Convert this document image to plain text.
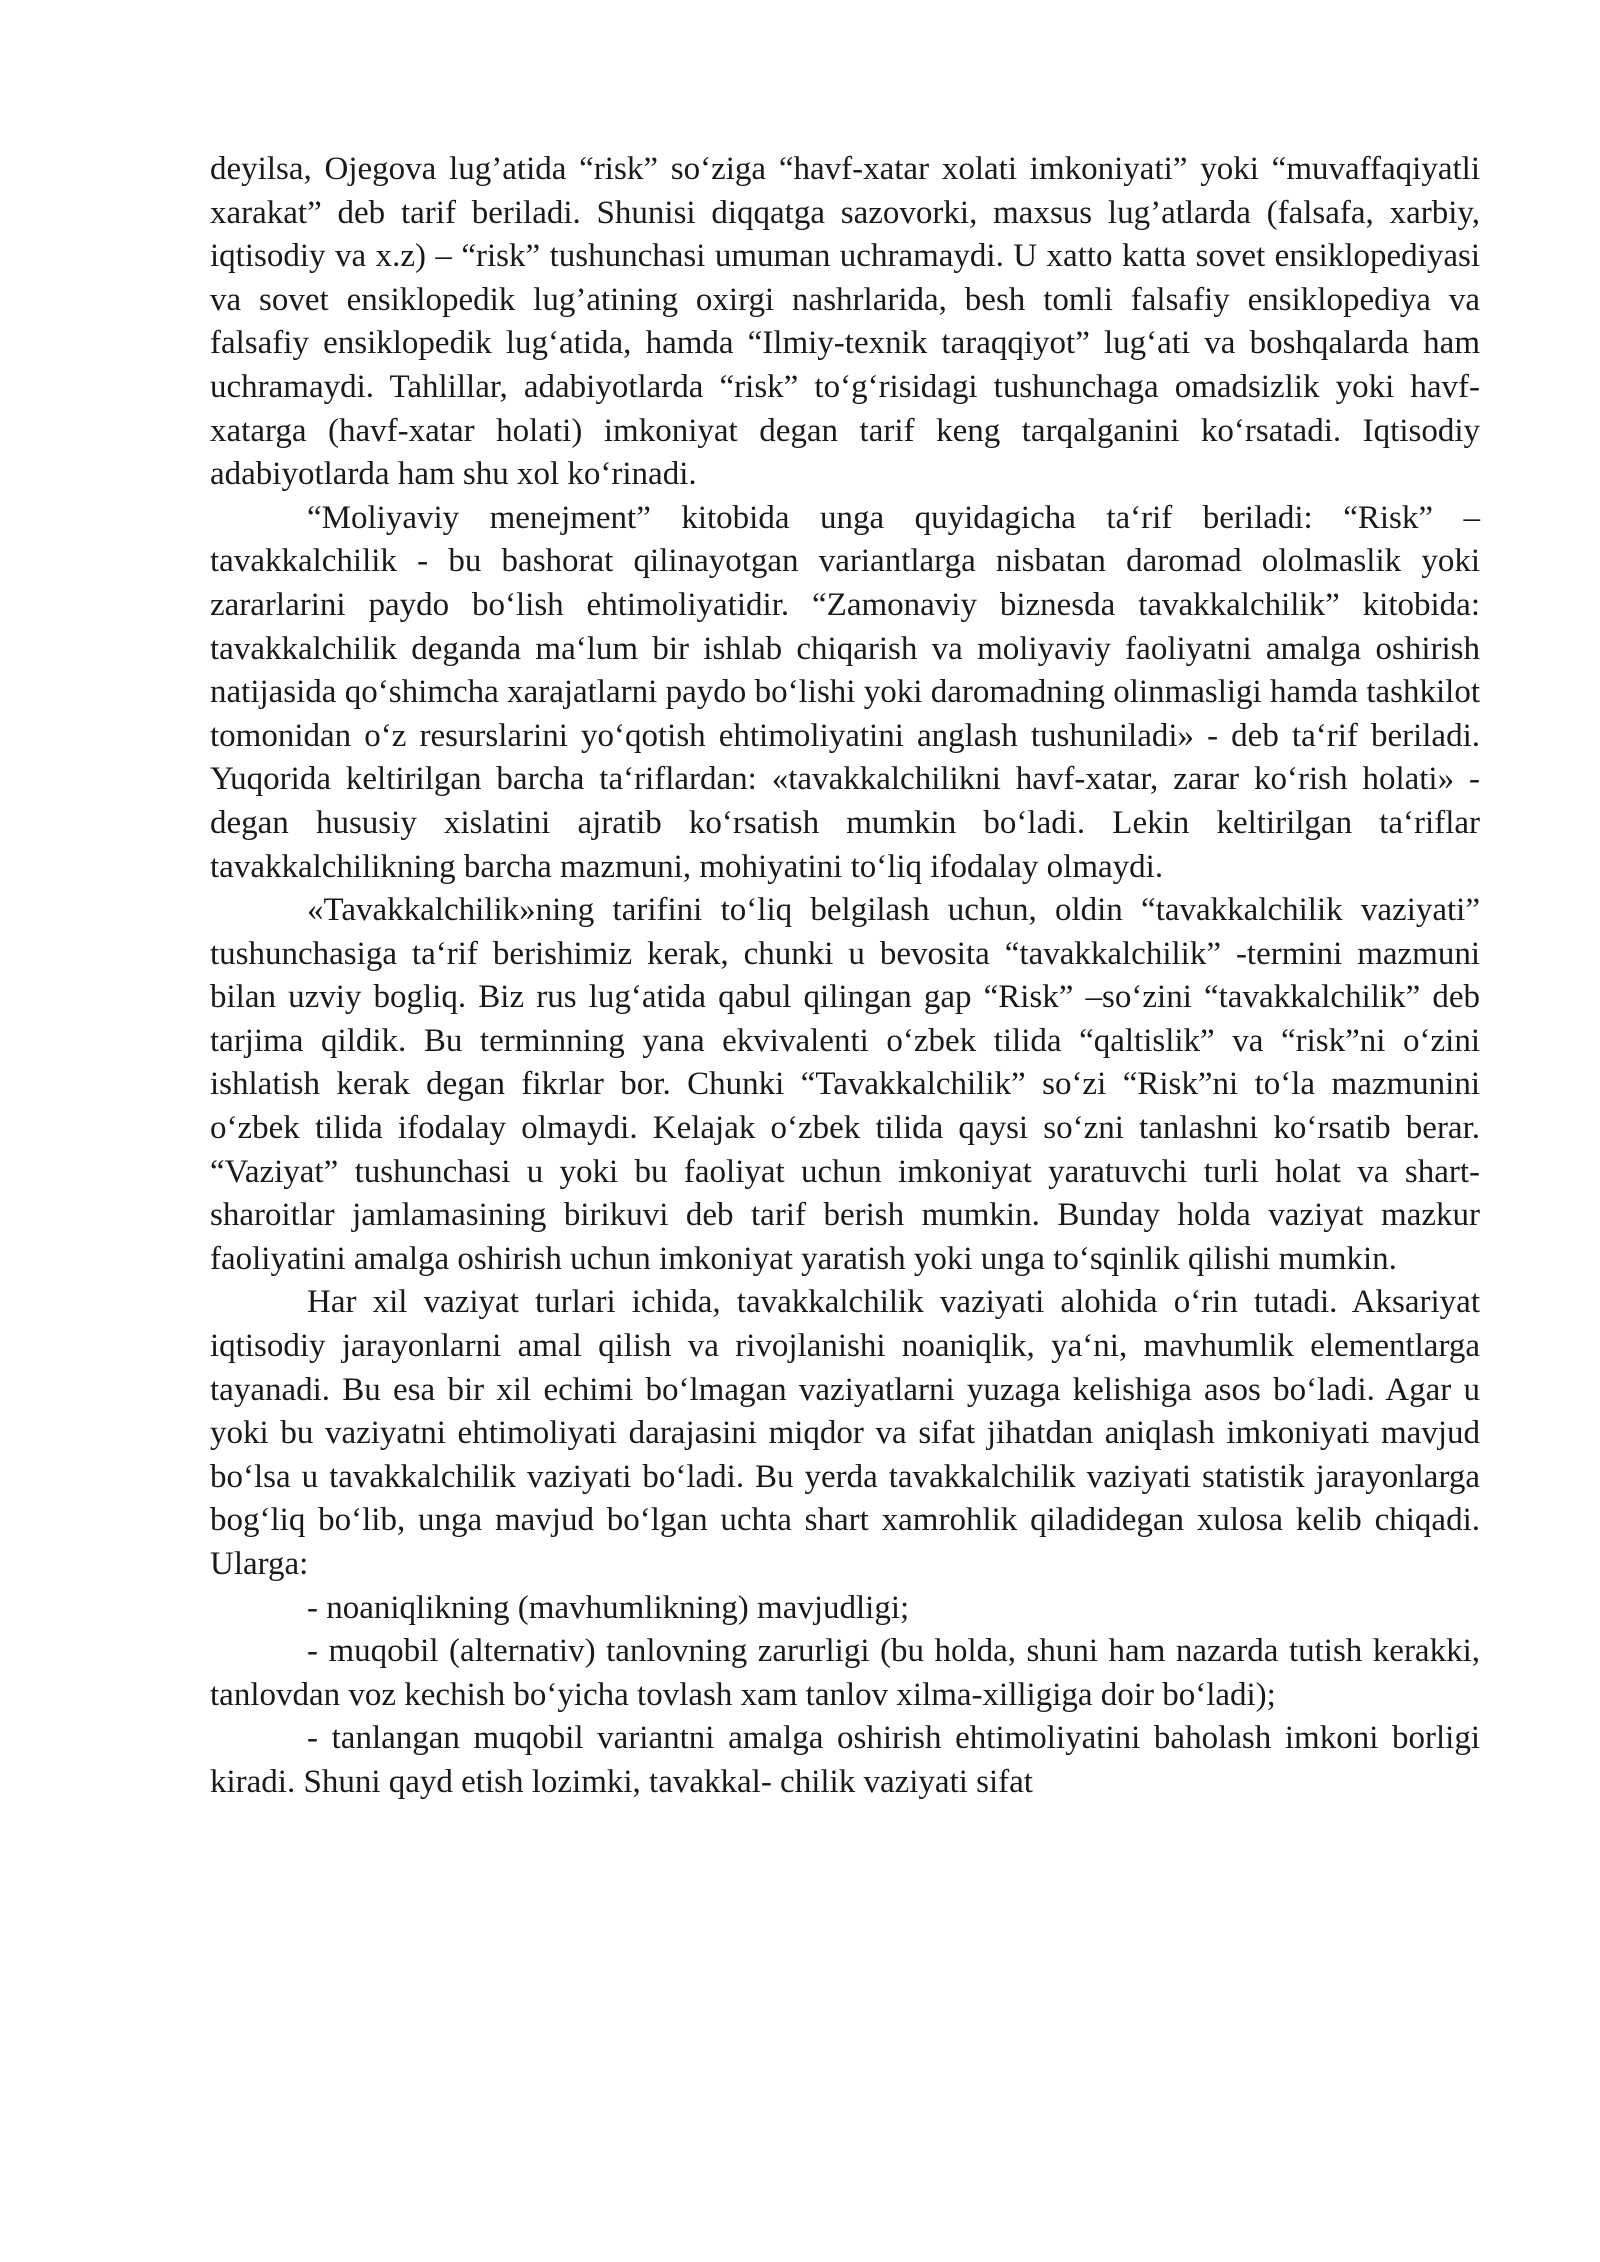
deyilsa, Ojegova lug’atida “risk” so‘ziga “havf-xatar xolati imkoniyati” yoki “muvaffaqiyatli xarakat” deb tarif beriladi. Shunisi diqqatga sazovorki, maxsus lug’atlarda (falsafa, xarbiy, iqtisodiy va x.z) – “risk” tushunchasi umuman uchramaydi. U xatto katta sovet ensiklopediyasi va sovet ensiklopedik lug’atining oxirgi nashrlarida, besh tomli falsafiy ensiklopediya va falsafiy ensiklopedik lug‘atida, hamda “Ilmiy-texnik taraqqiyot” lug‘ati va boshqalarda ham uchramaydi. Tahlillar, adabiyotlarda “risk” to‘g‘risidagi tushunchaga omadsizlik yoki havf-xatarga (havf-xatar holati) imkoniyat degan tarif keng tarqalganini ko‘rsatadi. Iqtisodiy adabiyotlarda ham shu xol ko‘rinadi.

“Moliyaviy menejment” kitobida unga quyidagicha ta‘rif beriladi: “Risk” – tavakkalchilik - bu bashorat qilinayotgan variantlarga nisbatan daromad ololmaslik yoki zararlarini paydo bo‘lish ehtimoliyatidir. “Zamonaviy biznesda tavakkalchilik” kitobida: tavakkalchilik deganda ma‘lum bir ishlab chiqarish va moliyaviy faoliyatni amalga oshirish natijasida qo‘shimcha xarajatlarni paydo bo‘lishi yoki daromadning olinmasligi hamda tashkilot tomonidan o‘z resurslarini yo‘qotish ehtimoliyatini anglash tushuniladi» - deb ta‘rif beriladi. Yuqorida keltirilgan barcha ta‘riflardan: «tavakkalchilikni havf-xatar, zarar ko‘rish holati» - degan hususiy xislatini ajratib ko‘rsatish mumkin bo‘ladi. Lekin keltirilgan ta‘riflar tavakkalchilikning barcha mazmuni, mohiyatini to‘liq ifodalay olmaydi.

«Tavakkalchilik»ning tarifini to‘liq belgilash uchun, oldin “tavakkalchilik vaziyati” tushunchasiga ta‘rif berishimiz kerak, chunki u bevosita “tavakkalchilik” -termini mazmuni bilan uzviy bogliq. Biz rus lug‘atida qabul qilingan gap “Risk” –so‘zini “tavakkalchilik” deb tarjima qildik. Bu terminning yana ekvivalenti o‘zbek tilida “qaltislik” va “risk”ni o‘zini ishlatish kerak degan fikrlar bor. Chunki “Tavakkalchilik” so‘zi “Risk”ni to‘la mazmunini o‘zbek tilida ifodalay olmaydi. Kelajak o‘zbek tilida qaysi so‘zni tanlashni ko‘rsatib berar. “Vaziyat” tushunchasi u yoki bu faoliyat uchun imkoniyat yaratuvchi turli holat va shart-sharoitlar jamlamasining birikuvi deb tarif berish mumkin. Bunday holda vaziyat mazkur faoliyatini amalga oshirish uchun imkoniyat yaratish yoki unga to‘sqinlik qilishi mumkin.

Har xil vaziyat turlari ichida, tavakkalchilik vaziyati alohida o‘rin tutadi. Aksariyat iqtisodiy jarayonlarni amal qilish va rivojlanishi noaniqlik, ya‘ni, mavhumlik elementlarga tayanadi. Bu esa bir xil echimi bo‘lmagan vaziyatlarni yuzaga kelishiga asos bo‘ladi. Agar u yoki bu vaziyatni ehtimoliyati darajasini miqdor va sifat jihatdan aniqlash imkoniyati mavjud bo‘lsa u tavakkalchilik vaziyati bo‘ladi. Bu yerda tavakkalchilik vaziyati statistik jarayonlarga bog‘liq bo‘lib, unga mavjud bo‘lgan uchta shart xamrohlik qiladidegan xulosa kelib chiqadi. Ularga:

- noaniqlikning (mavhumlikning) mavjudligi;

- muqobil (alternativ) tanlovning zarurligi (bu holda, shuni ham nazarda tutish kerakki, tanlovdan voz kechish bo‘yicha tovlash xam tanlov xilma-xilligiga doir bo‘ladi);

- tanlangan muqobil variantni amalga oshirish ehtimoliyatini baholash imkoni borligi kiradi. Shuni qayd etish lozimki, tavakkal- chilik vaziyati sifat
